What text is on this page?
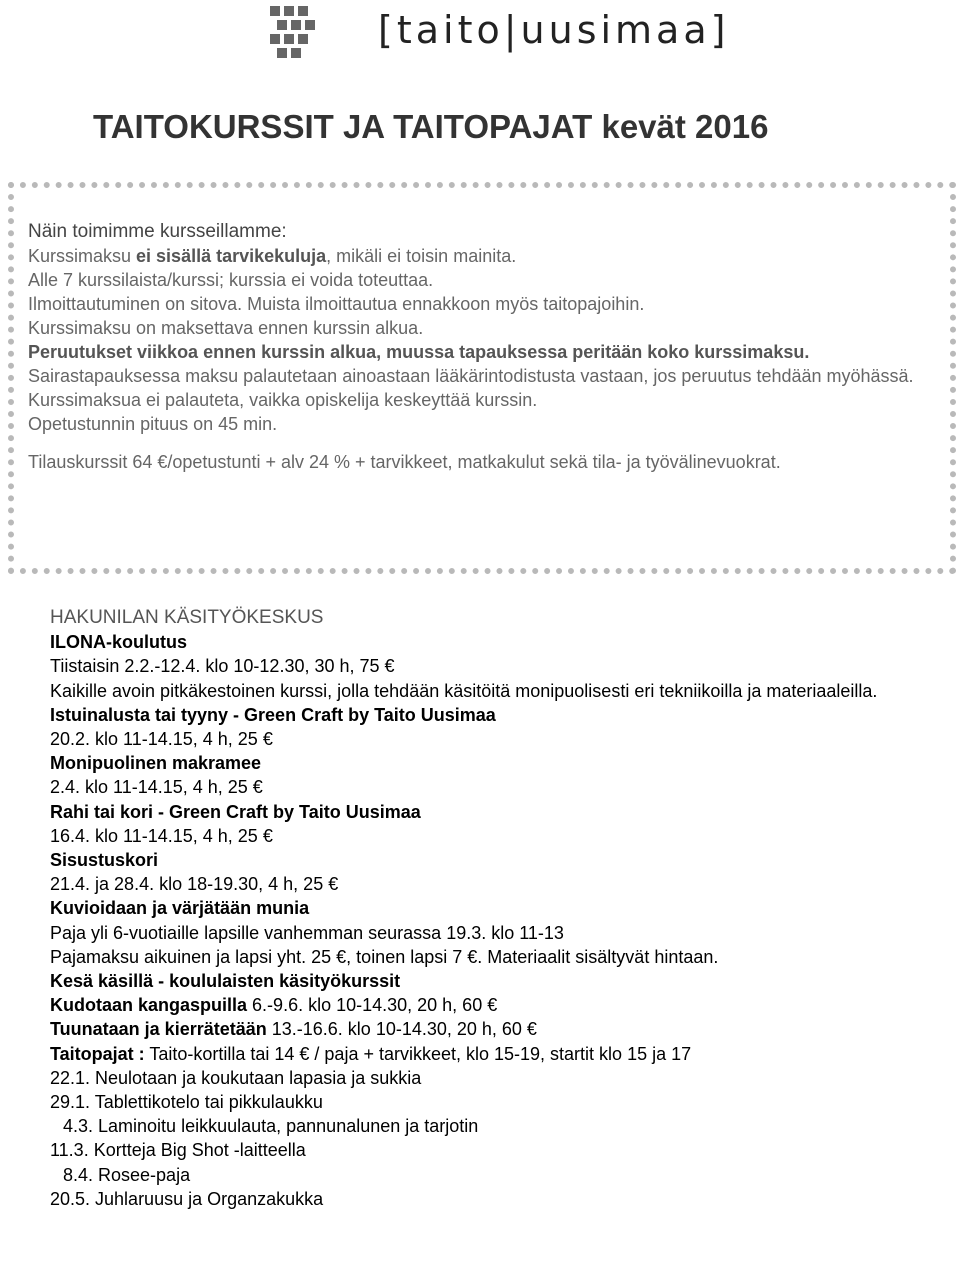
[taito|uusimaa]
TAITOKURSSIT JA TAITOPAJAT kevät 2016

Näin toimimme kursseillamme:

Kurssimaksu ei sisällä tarvikekuluja, mikäli ei toisin mainita.

Alle 7 kurssilaista/kurssi; kurssia ei voida toteuttaa.

Ilmoittautuminen on sitova. Muista ilmoittautua ennakkoon myös taitopajoihin.

Kurssimaksu on maksettava ennen kurssin alkua.

Peruutukset viikkoa ennen kurssin alkua, muussa tapauksessa peritään koko kurssimaksu.

Sairastapauksessa maksu palautetaan ainoastaan lääkärintodistusta vastaan, jos peruutus tehdään myöhässä.

Kurssimaksua ei palauteta, vaikka opiskelija keskeyttää kurssin.

Opetustunnin pituus on 45 min.

Tilauskurssit 64 €/opetustunti + alv 24 % + tarvikkeet, matkakulut sekä tila- ja työvälinevuokrat.

HAKUNILAN KÄSITYÖKESKUS

ILONA-koulutus

Tiistaisin 2.2.-12.4. klo 10-12.30, 30 h, 75 €

Kaikille avoin pitkäkestoinen kurssi, jolla tehdään käsitöitä monipuolisesti eri tekniikoilla ja materiaaleilla.

Istuinalusta tai tyyny - Green Craft by Taito Uusimaa

20.2. klo 11-14.15, 4 h, 25 €

Monipuolinen makramee

2.4. klo 11-14.15, 4 h, 25 €

Rahi tai kori - Green Craft by Taito Uusimaa

16.4. klo 11-14.15, 4 h, 25 €

Sisustuskori

21.4. ja 28.4. klo 18-19.30, 4 h, 25 €

Kuvioidaan ja värjätään munia

Paja yli 6-vuotiaille lapsille vanhemman seurassa 19.3. klo 11-13

Pajamaksu aikuinen ja lapsi yht. 25 €, toinen lapsi 7 €. Materiaalit sisältyvät hintaan.

Kesä käsillä - koululaisten käsityökurssit

Kudotaan kangaspuilla 6.-9.6. klo 10-14.30, 20 h, 60 €

Tuunataan ja kierrätetään 13.-16.6. klo 10-14.30, 20 h, 60 €

Taitopajat : Taito-kortilla tai 14 € / paja + tarvikkeet, klo 15-19, startit klo 15 ja 17

22.1. Neulotaan ja koukutaan lapasia ja sukkia

29.1. Tablettikotelo tai pikkulaukku

4.3. Laminoitu leikkuulauta, pannunalunen ja tarjotin

11.3. Kortteja Big Shot -laitteella

8.4. Rosee-paja

20.5. Juhlaruusu ja Organzakukka
